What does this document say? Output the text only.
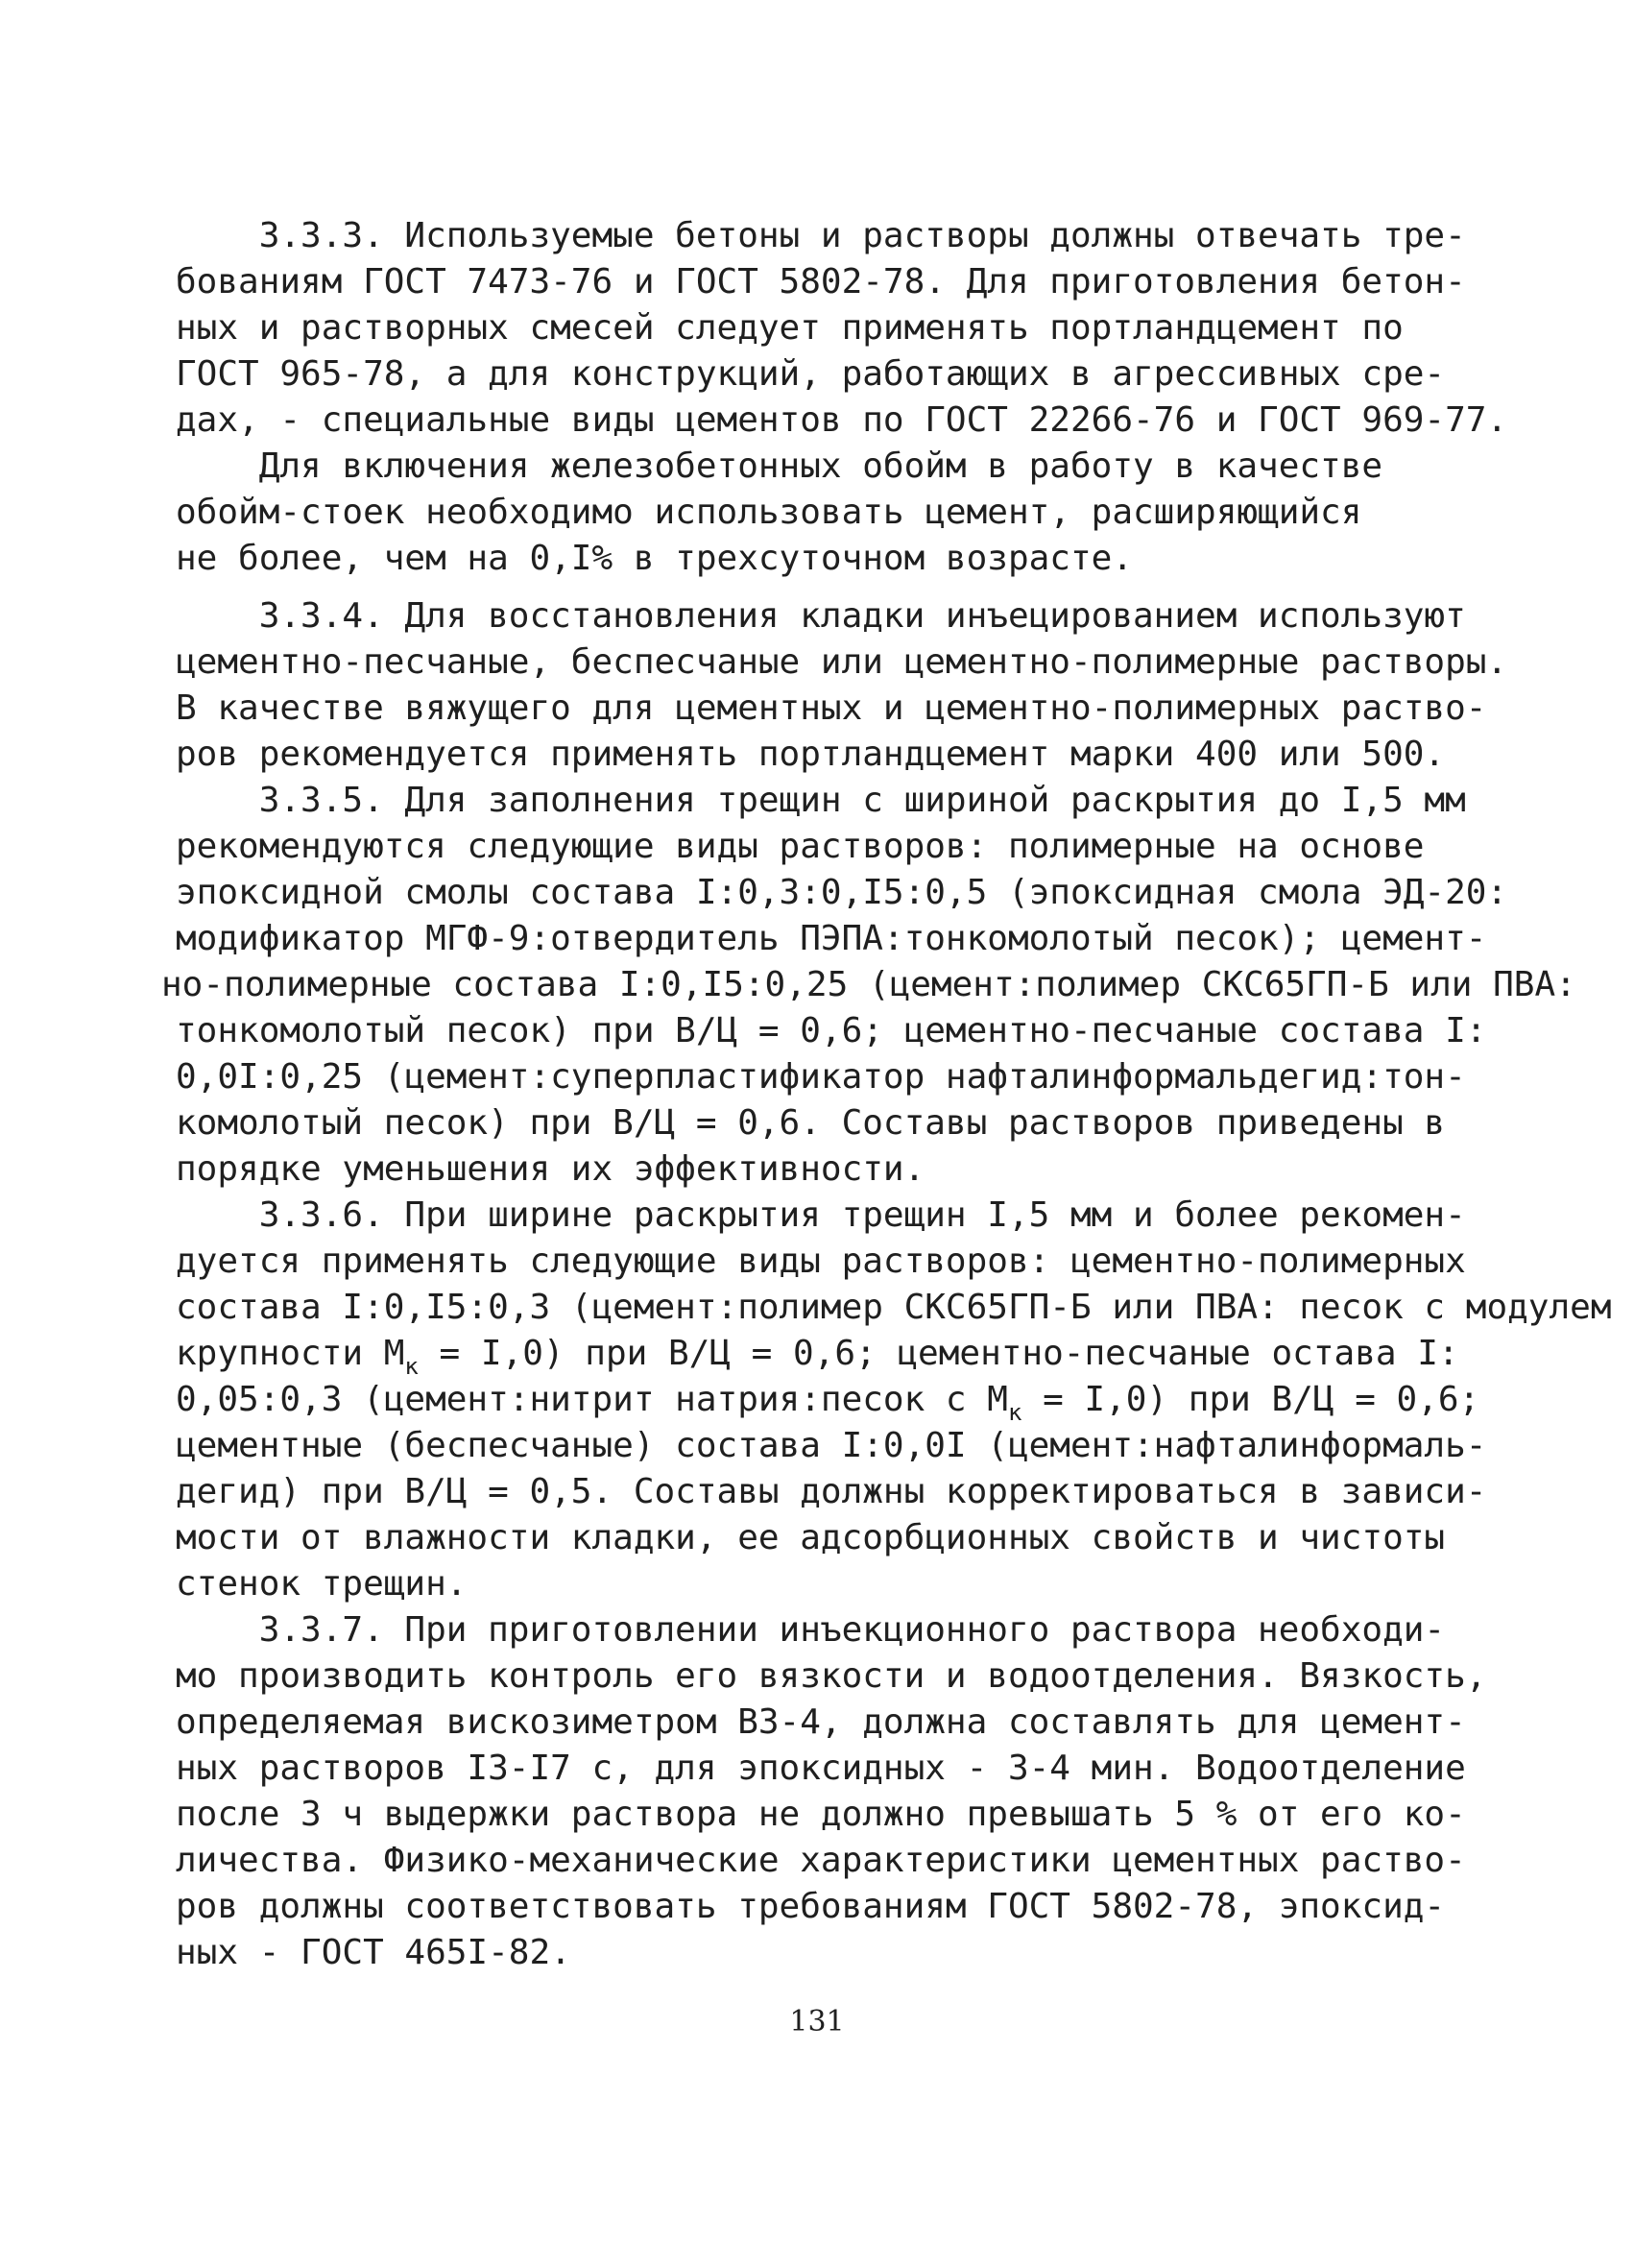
3.3.3. Используемые бетоны и растворы должны отвечать тре-
бованиям ГОСТ 7473-76 и ГОСТ 5802-78. Для приготовления бетон-
ных и растворных смесей следует применять портландцемент по
ГОСТ 965-78, а для конструкций, работающих в агрессивных сре-
дах, - специальные виды цементов по ГОСТ 22266-76 и ГОСТ 969-77.
Для включения железобетонных обойм в работу в качестве
обойм-стоек необходимо использовать цемент, расширяющийся
не более, чем на 0,I% в трехсуточном возрасте.
3.3.4. Для восстановления кладки инъецированием используют
цементно-песчаные, беспесчаные или цементно-полимерные растворы.
В качестве вяжущего для цементных и цементно-полимерных раство-
ров рекомендуется применять портландцемент марки 400 или 500.
3.3.5. Для заполнения трещин с шириной раскрытия до I,5 мм
рекомендуются следующие виды растворов: полимерные на основе
эпоксидной смолы состава I:0,3:0,I5:0,5 (эпоксидная смола ЭД-20:
модификатор МГФ-9:отвердитель ПЭПА:тонкомолотый песок); цемент-
но-полимерные состава I:0,I5:0,25 (цемент:полимер СКС65ГП-Б или ПВА:
тонкомолотый песок) при В/Ц = 0,6; цементно-песчаные состава I:
0,0I:0,25 (цемент:суперпластификатор нафталинформальдегид:тон-
комолотый песок) при В/Ц = 0,6. Составы растворов приведены в
порядке уменьшения их эффективности.
3.3.6. При ширине раскрытия трещин I,5 мм и более рекомен-
дуется применять следующие виды растворов: цементно-полимерных
состава I:0,I5:0,3 (цемент:полимер СКС65ГП-Б или ПВА: песок с модулем
крупности $М_к = I,0$) при В/Ц = 0,6; цементно-песчаные остава I:
0,05:0,3 (цемент:нитрит натрия:песок с $М_к = I,0$) при В/Ц = 0,6;
цементные (беспесчаные) состава I:0,0I (цемент:нафталинформаль-
дегид) при В/Ц = 0,5. Составы должны корректироваться в зависи-
мости от влажности кладки, ее адсорбционных свойств и чистоты
стенок трещин.
3.3.7. При приготовлении инъекционного раствора необходи-
мо производить контроль его вязкости и водоотделения. Вязкость,
определяемая вискозиметром ВЗ-4, должна составлять для цемент-
ных растворов I3-I7 с, для эпоксидных - 3-4 мин. Водоотделение
после 3 ч выдержки раствора не должно превышать 5 % от его ко-
личества. Физико-механические характеристики цементных раство-
ров должны соответствовать требованиям ГОСТ 5802-78, эпоксид-
ных - ГОСТ 465I-82.
131
